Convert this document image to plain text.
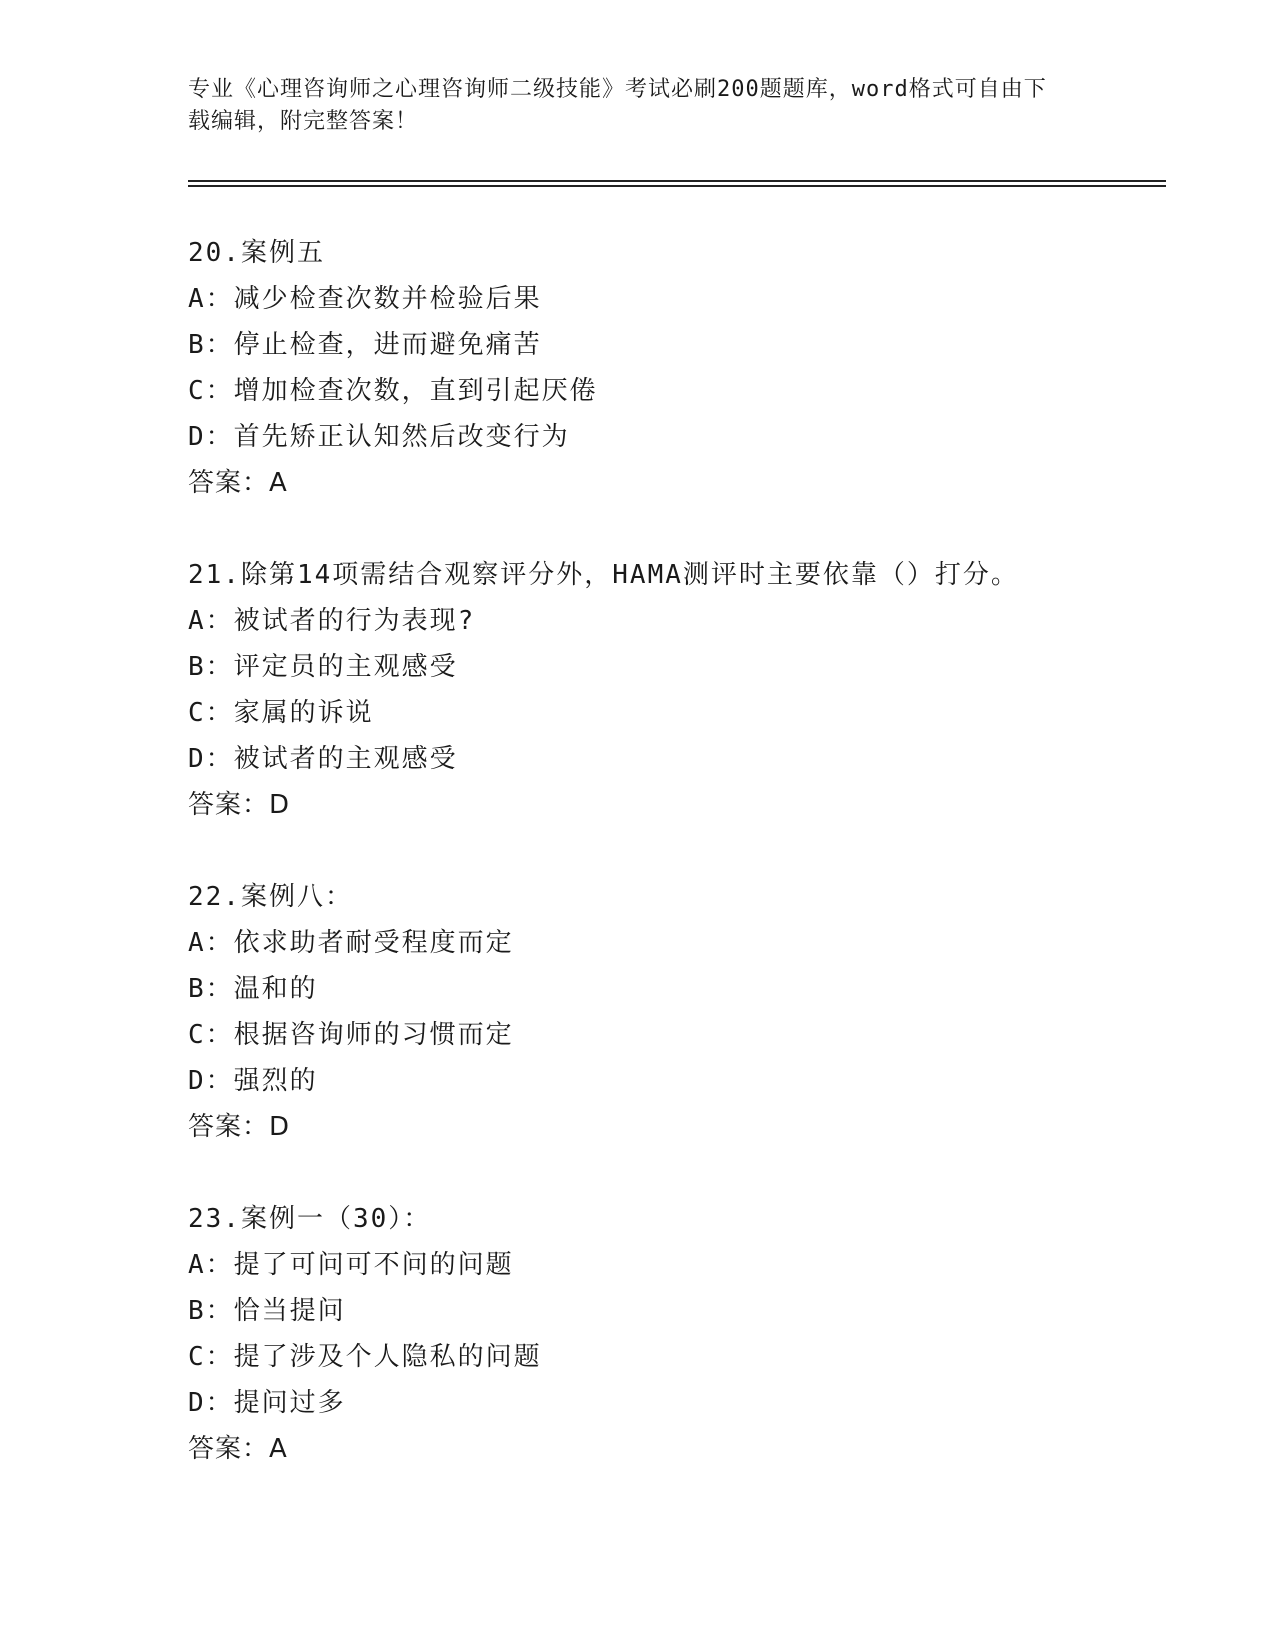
专业《心理咨询师之心理咨询师二级技能》考试必刷200题题库，word格式可自由下载编辑，附完整答案！
20.案例五
A：减少检查次数并检验后果
B：停止检查，进而避免痛苦
C：增加检查次数，直到引起厌倦
D：首先矫正认知然后改变行为
答案：A
21.除第14项需结合观察评分外，HAMA测评时主要依靠（）打分。
A：被试者的行为表现?
B：评定员的主观感受
C：家属的诉说
D：被试者的主观感受
答案：D
22.案例八：
A：依求助者耐受程度而定
B：温和的
C：根据咨询师的习惯而定
D：强烈的
答案：D
23.案例一（30）：
A：提了可问可不问的问题
B：恰当提问
C：提了涉及个人隐私的问题
D：提问过多
答案：A
